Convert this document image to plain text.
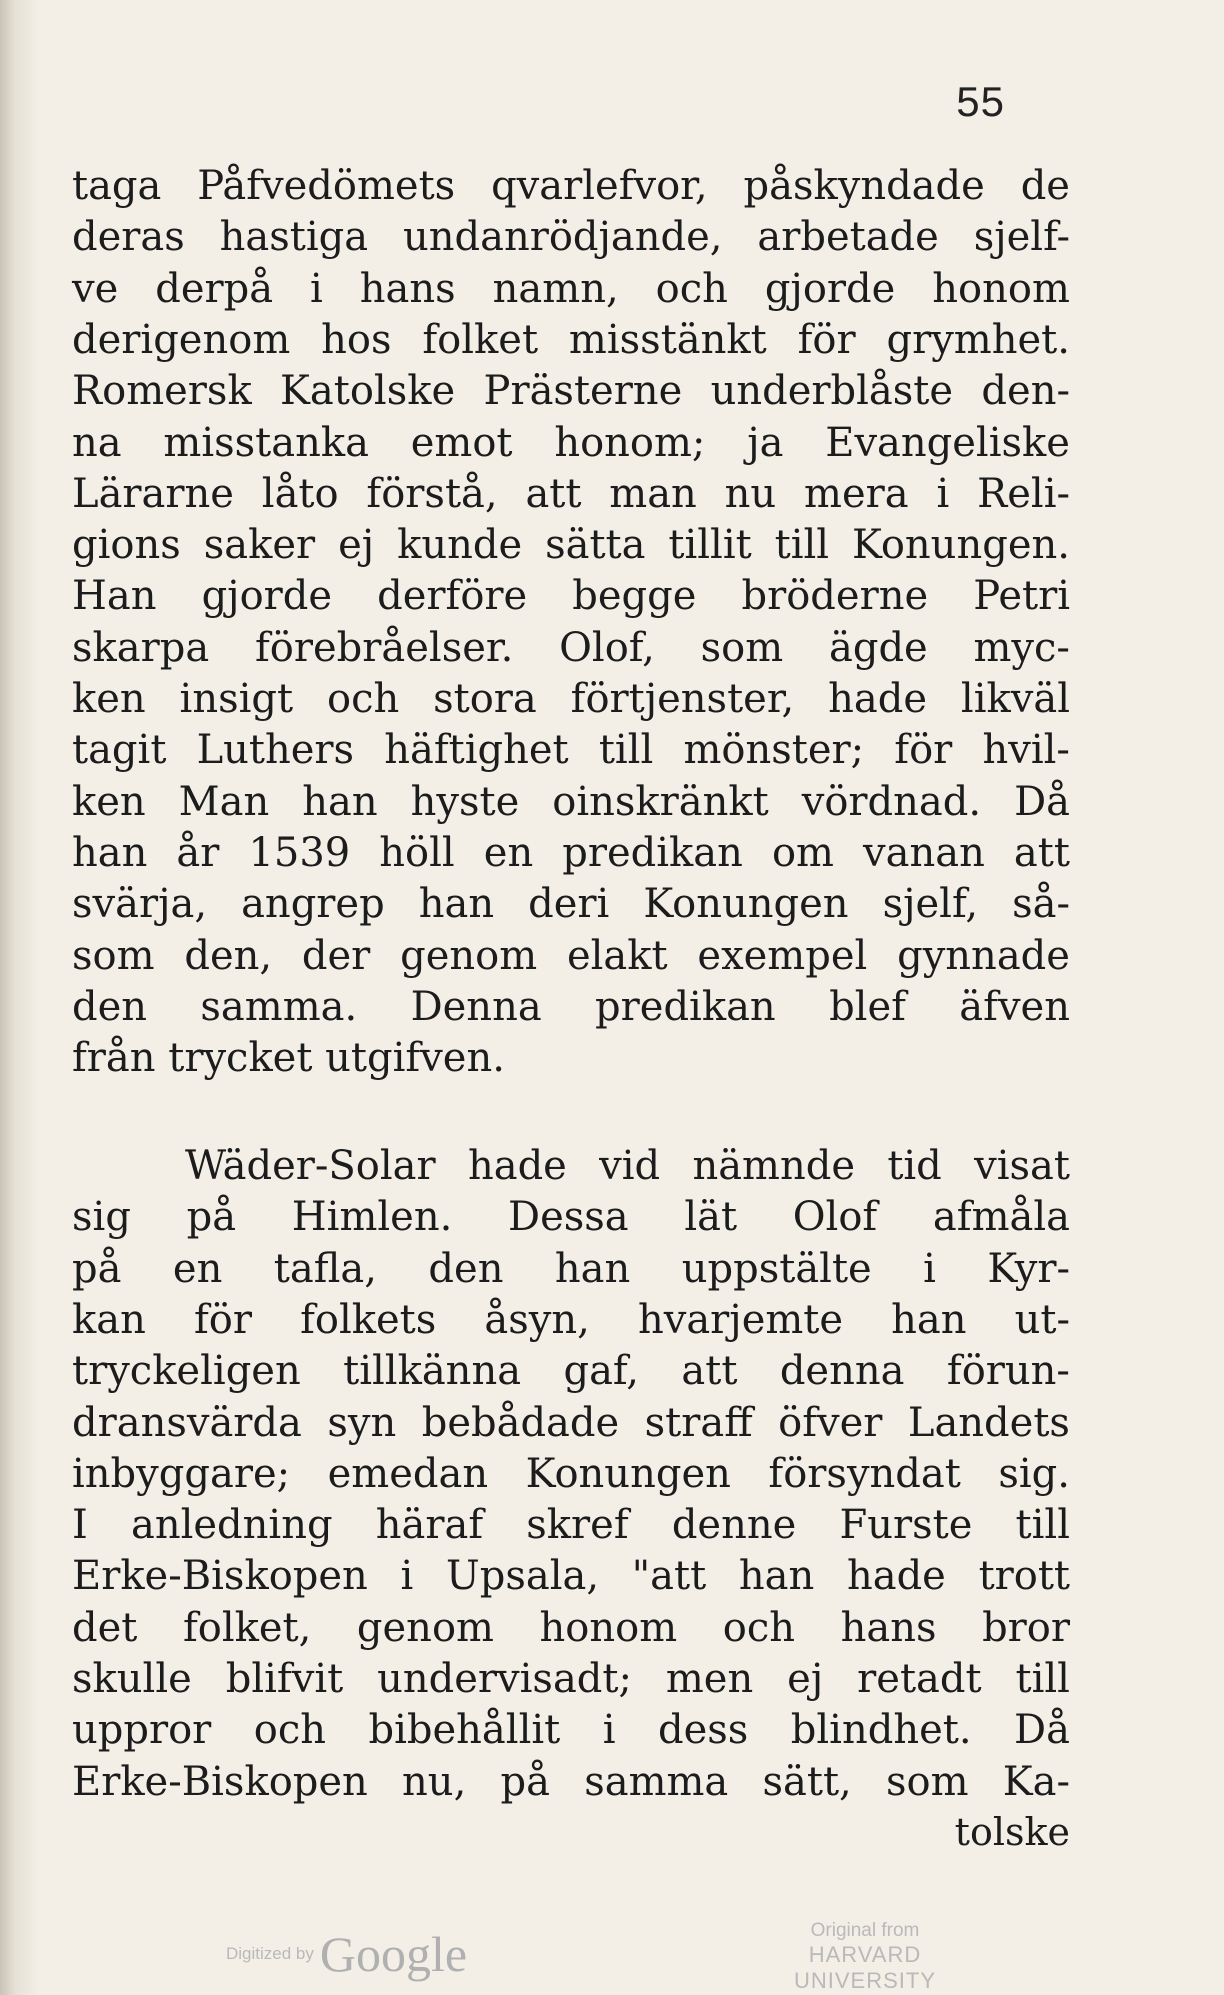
55
taga Påfvedömets qvarlefvor, påskyndade de
deras hastiga undanrödjande, arbetade sjelf-
ve derpå i hans namn, och gjorde honom
derigenom hos folket misstänkt för grymhet.
Romersk Katolske Prästerne underblåste den-
na misstanka emot honom; ja Evangeliske
Lärarne låto förstå, att man nu mera i Reli-
gions saker ej kunde sätta tillit till Konungen.
Han gjorde derföre begge bröderne Petri
skarpa förebråelser. Olof, som ägde myc-
ken insigt och stora förtjenster, hade likväl
tagit Luthers häftighet till mönster; för hvil-
ken Man han hyste oinskränkt vördnad. Då
han år 1539 höll en predikan om vanan att
svärja, angrep han deri Konungen sjelf, så-
som den, der genom elakt exempel gynnade
den samma. Denna predikan blef äfven
från trycket utgifven.
Wäder-Solar hade vid nämnde tid visat
sig på Himlen. Dessa lät Olof afmåla
på en tafla, den han uppstälte i Kyr-
kan för folkets åsyn, hvarjemte han ut-
tryckeligen tillkänna gaf, att denna förun-
dransvärda syn bebådade straff öfver Landets
inbyggare; emedan Konungen försyndat sig.
I anledning häraf skref denne Furste till
Erke-Biskopen i Upsala, "att han hade trott
det folket, genom honom och hans bror
skulle blifvit undervisadt; men ej retadt till
uppror och bibehållit i dess blindhet. Då
Erke-Biskopen nu, på samma sätt, som Ka-
tolske
Digitized by Google	Original from
HARVARD UNIVERSITY
